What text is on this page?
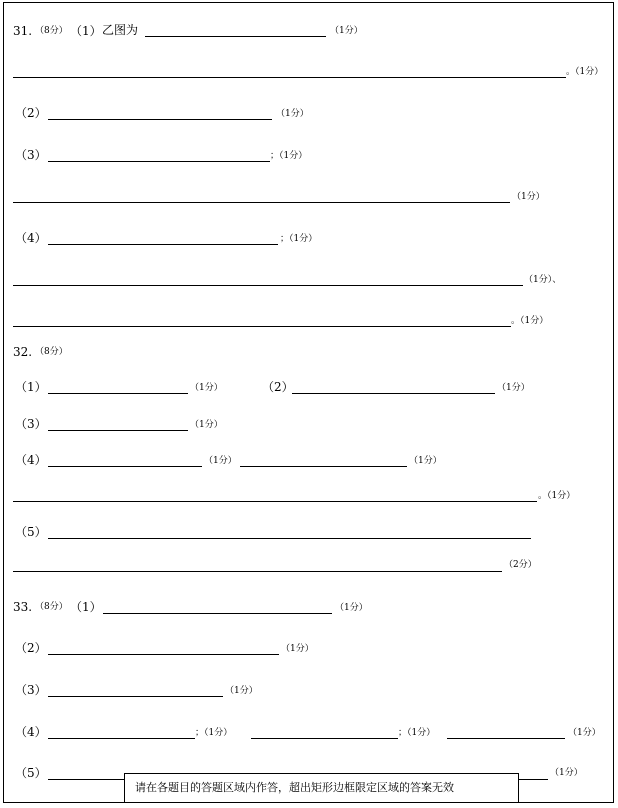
31. （8分） （1） 乙图为	（1分）
。（1分）
（2）	（1分）
（3）	；（1分）
（1分）
（4）	；（1分）
（1分）、
。（1分）
32. （8分）
（1）	（1分）	（2）	（1分）
（3）	（1分）
（4）	（1分）	（1分）
。（1分）
（5）
（2分）
33. （8分） （1）	（1分）
（2）	（1分）
（3）	（1分）
（4）	；（1分）	；（1分）	（1分）
（5）	（1分）
请在各题目的答题区域内作答，超出矩形边框限定区域的答案无效
